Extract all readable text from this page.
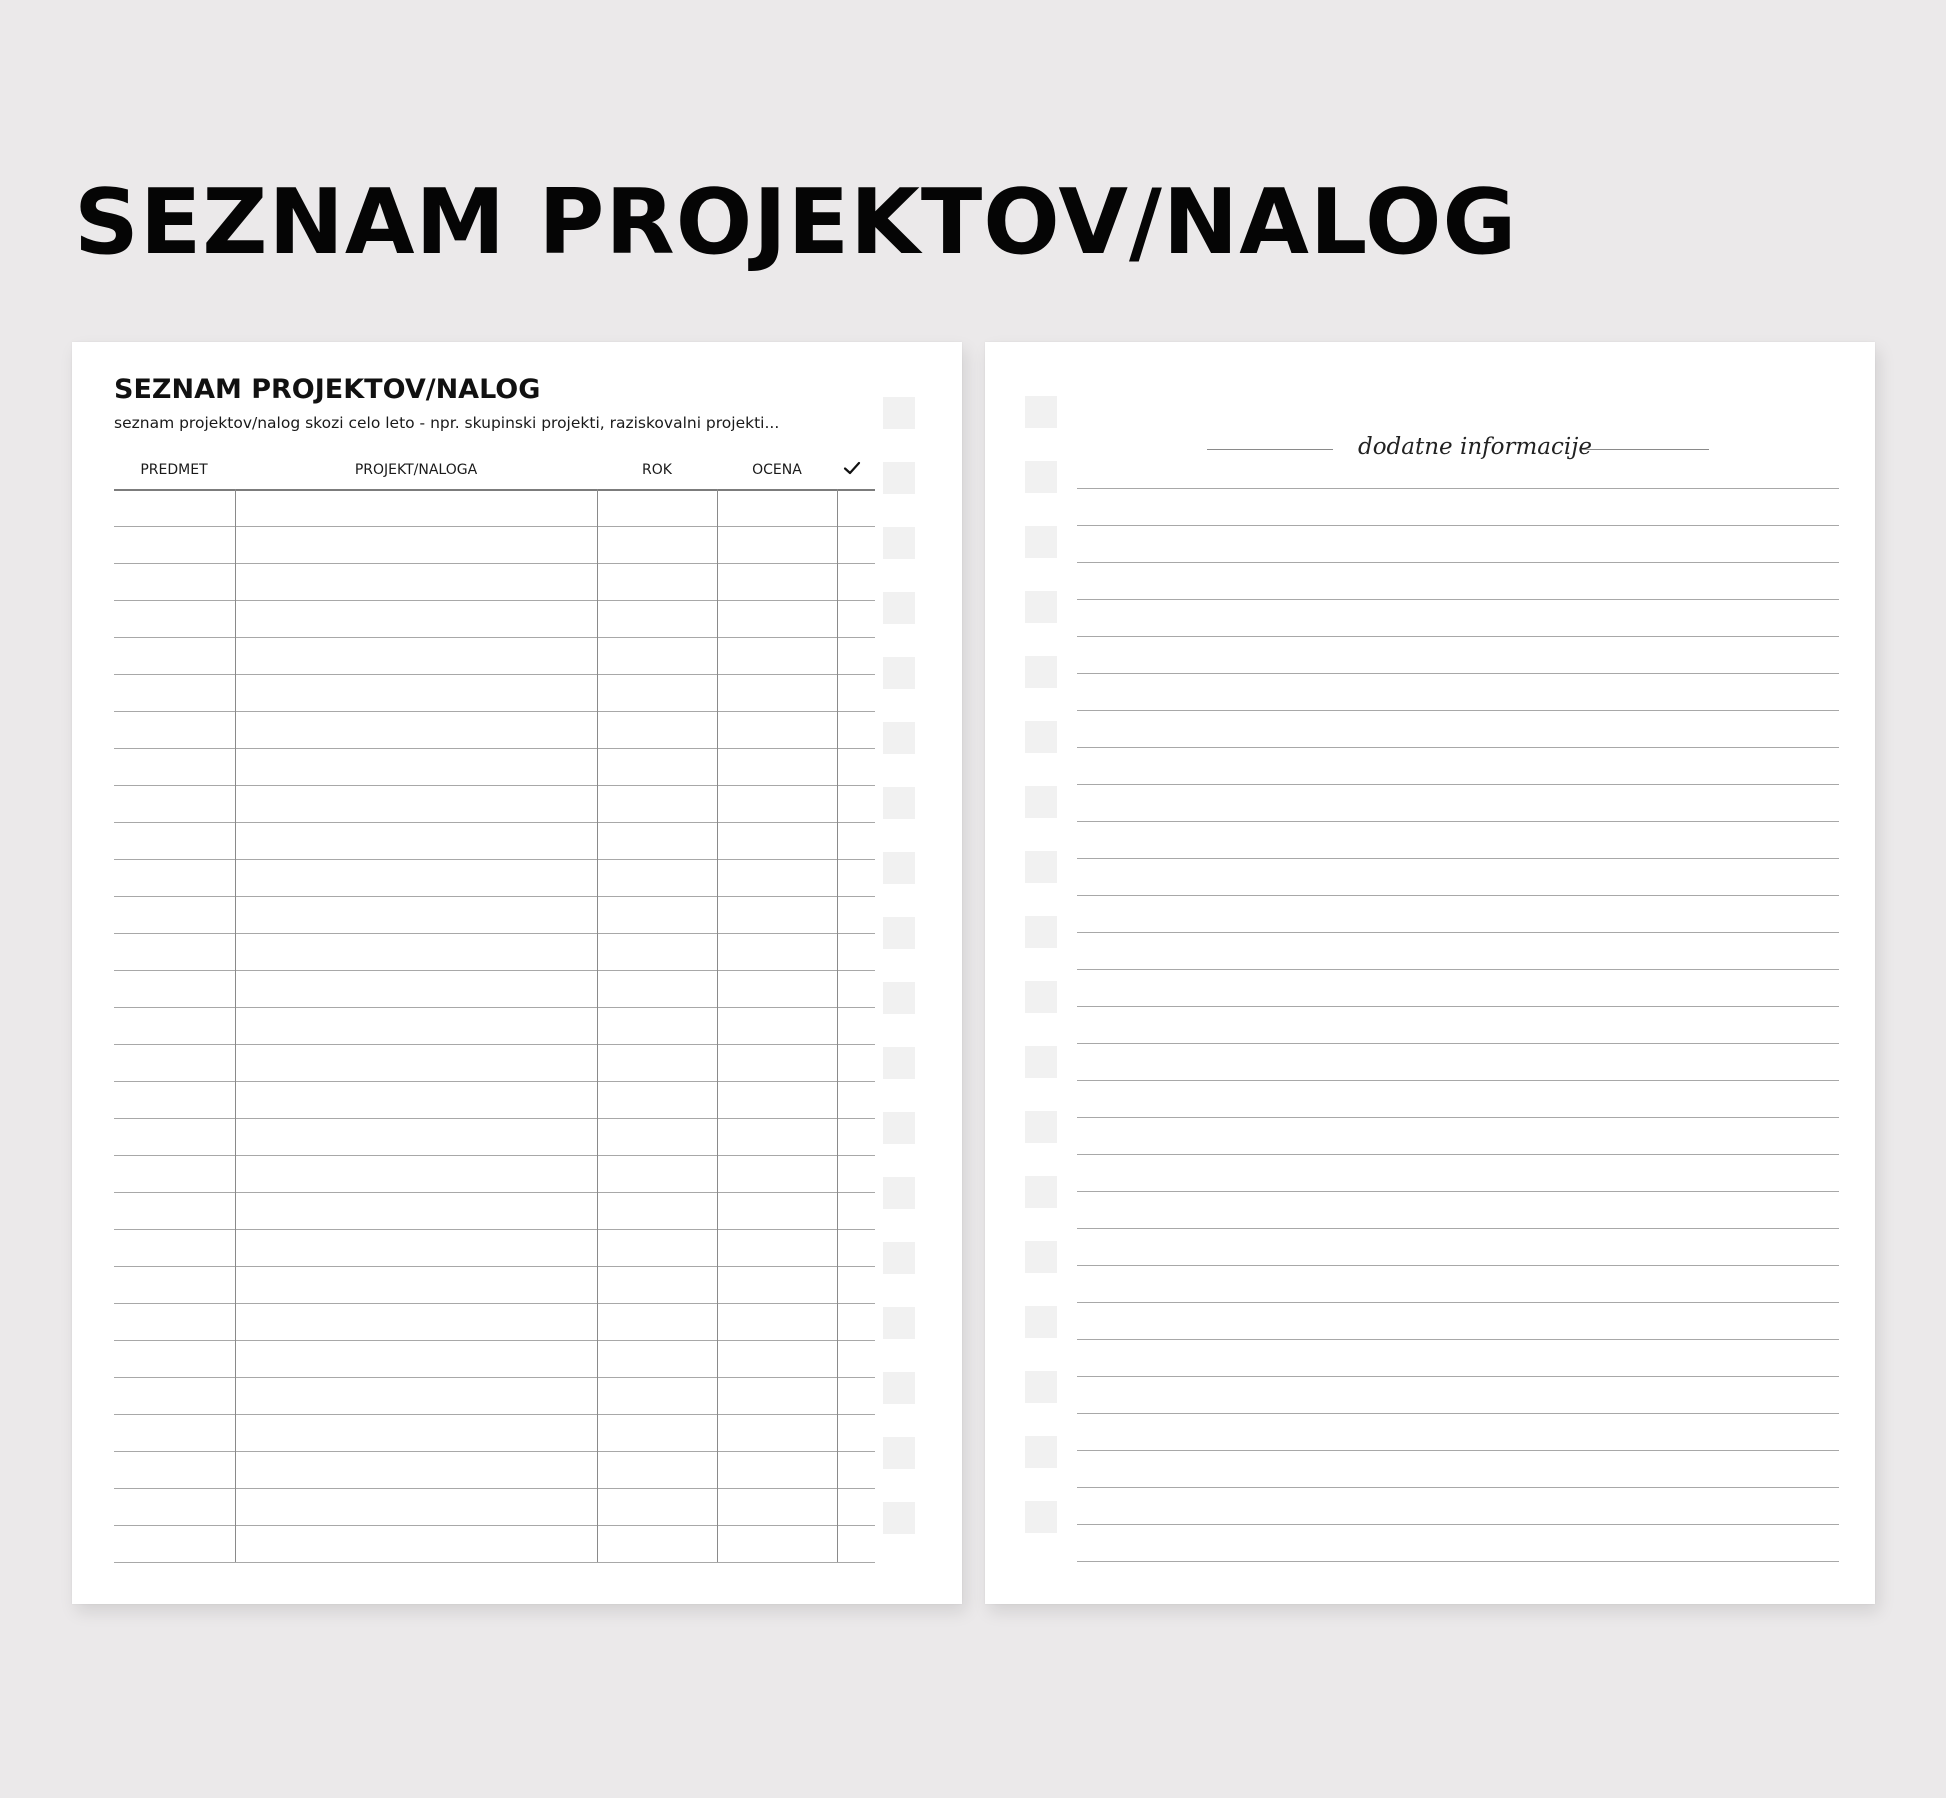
SEZNAM PROJEKTOV/NALOG
SEZNAM PROJEKTOV/NALOG
seznam projektov/nalog skozi celo leto - npr. skupinski projekti, raziskovalni projekti...
PREDMET	PROJEKT/NALOGA	ROK	OCENA
dodatne informacije
